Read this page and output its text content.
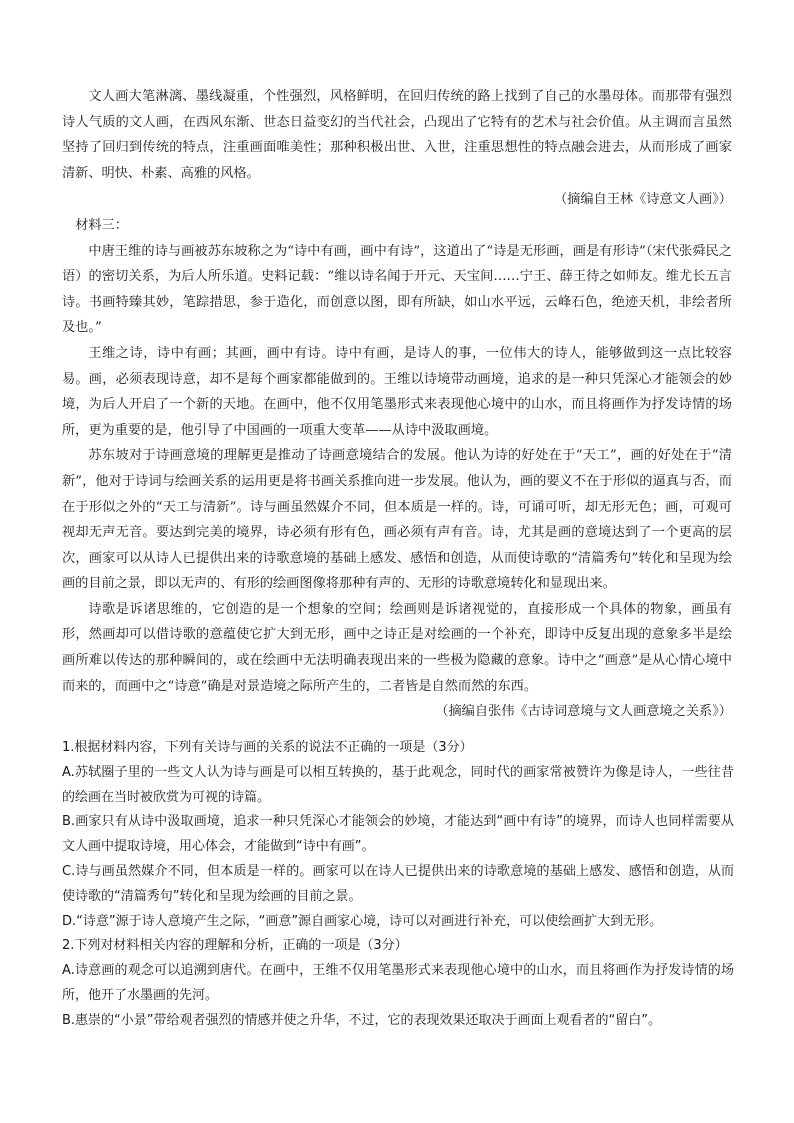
文人画大笔淋漓、墨线凝重，个性强烈，风格鲜明，在回归传统的路上找到了自己的水墨母体。而那带有强烈诗人气质的文人画，在西风东渐、世态日益变幻的当代社会，凸现出了它特有的艺术与社会价值。从主调而言虽然坚持了回归到传统的特点，注重画面唯美性；那种积极出世、入世，注重思想性的特点融会进去，从而形成了画家清新、明快、朴素、高雅的风格。

（摘编自王林《诗意文人画》）

材料三：

中唐王维的诗与画被苏东坡称之为“诗中有画，画中有诗”，这道出了“诗是无形画，画是有形诗”（宋代张舜民之语）的密切关系，为后人所乐道。史料记载：“维以诗名闻于开元、天宝间……宁王、薛王待之如师友。维尤长五言诗。书画特臻其妙，笔踪措思，参于造化，而创意以图，即有所缺，如山水平远，云峰石色，绝迹天机，非绘者所及也。”

王维之诗，诗中有画；其画，画中有诗。诗中有画，是诗人的事，一位伟大的诗人，能够做到这一点比较容易。画，必须表现诗意，却不是每个画家都能做到的。王维以诗境带动画境，追求的是一种只凭深心才能领会的妙境，为后人开启了一个新的天地。在画中，他不仅用笔墨形式来表现他心境中的山水，而且将画作为抒发诗情的场所，更为重要的是，他引导了中国画的一项重大变革——从诗中汲取画境。

苏东坡对于诗画意境的理解更是推动了诗画意境结合的发展。他认为诗的好处在于“天工”，画的好处在于“清新”，他对于诗词与绘画关系的运用更是将书画关系推向进一步发展。他认为，画的要义不在于形似的逼真与否，而在于形似之外的“天工与清新”。诗与画虽然媒介不同，但本质是一样的。诗，可诵可听，却无形无色；画，可观可视却无声无音。要达到完美的境界，诗必须有形有色，画必须有声有音。诗，尤其是画的意境达到了一个更高的层次，画家可以从诗人已提供出来的诗歌意境的基础上感发、感悟和创造，从而使诗歌的“清篇秀句”转化和呈现为绘画的目前之景，即以无声的、有形的绘画图像将那种有声的、无形的诗歌意境转化和显现出来。

诗歌是诉诸思维的，它创造的是一个想象的空间；绘画则是诉诸视觉的，直接形成一个具体的物象，画虽有形，然画却可以借诗歌的意蕴使它扩大到无形，画中之诗正是对绘画的一个补充，即诗中反复出现的意象多半是绘画所难以传达的那种瞬间的，或在绘画中无法明确表现出来的一些极为隐藏的意象。诗中之“画意”是从心情心境中而来的，而画中之“诗意”确是对景造境之际所产生的，二者皆是自然而然的东西。

（摘编自张伟《古诗词意境与文人画意境之关系》）

1.根据材料内容，下列有关诗与画的关系的说法不正确的一项是（3分）

A.苏轼圈子里的一些文人认为诗与画是可以相互转换的，基于此观念，同时代的画家常被赞许为像是诗人，一些往昔的绘画在当时被欣赏为可视的诗篇。

B.画家只有从诗中汲取画境，追求一种只凭深心才能领会的妙境，才能达到“画中有诗”的境界，而诗人也同样需要从文人画中提取诗境，用心体会，才能做到“诗中有画”。

C.诗与画虽然媒介不同，但本质是一样的。画家可以在诗人已提供出来的诗歌意境的基础上感发、感悟和创造，从而使诗歌的“清篇秀句”转化和呈现为绘画的目前之景。

D.“诗意”源于诗人意境产生之际，“画意”源自画家心境，诗可以对画进行补充，可以使绘画扩大到无形。

2.下列对材料相关内容的理解和分析，正确的一项是（3分）

A.诗意画的观念可以追溯到唐代。在画中，王维不仅用笔墨形式来表现他心境中的山水，而且将画作为抒发诗情的场所，他开了水墨画的先河。

B.惠崇的“小景”带给观者强烈的情感并使之升华，不过，它的表现效果还取决于画面上观看者的“留白”。
